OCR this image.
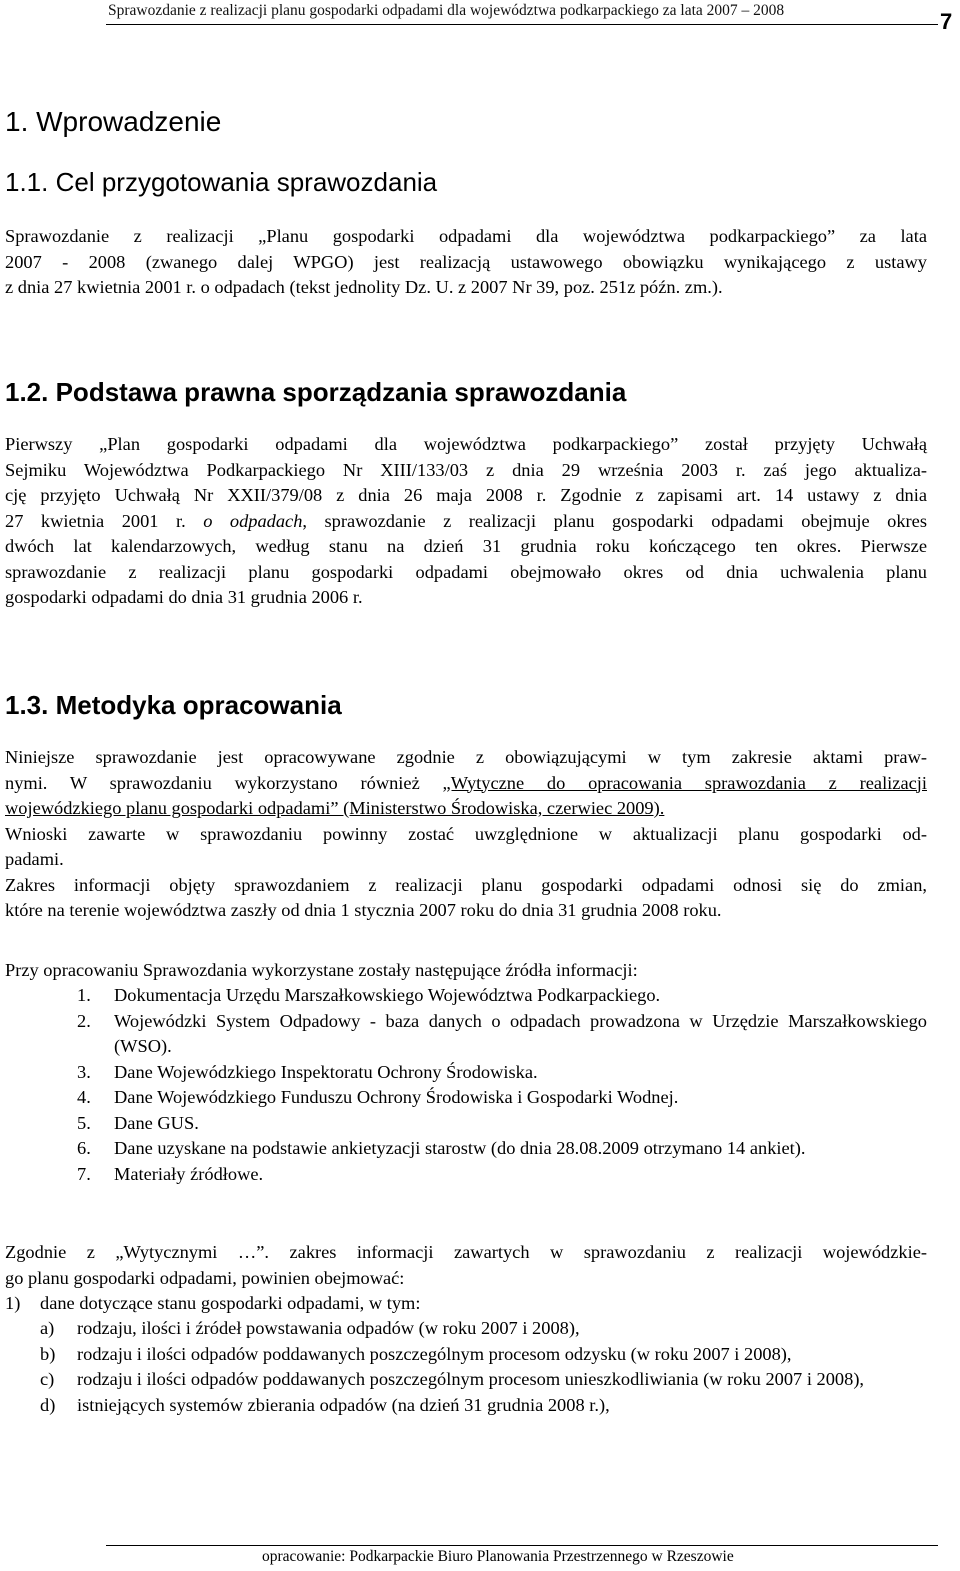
Sprawozdanie z realizacji planu gospodarki odpadami dla województwa podkarpackiego za lata 2007 – 2008	7
1. Wprowadzenie
1.1. Cel przygotowania sprawozdania
Sprawozdanie z realizacji „Planu gospodarki odpadami dla województwa podkarpackiego” za lata
2007 - 2008 (zwanego dalej WPGO) jest realizacją ustawowego obowiązku wynikającego z ustawy
z dnia 27 kwietnia 2001 r. o odpadach (tekst jednolity Dz. U. z 2007 Nr 39, poz. 251z późn. zm.).
1.2. Podstawa prawna sporządzania sprawozdania
Pierwszy „Plan gospodarki odpadami dla województwa podkarpackiego” został przyjęty Uchwałą
Sejmiku Województwa Podkarpackiego Nr XIII/133/03 z dnia 29 września 2003 r. zaś jego aktualiza-
cję przyjęto Uchwałą Nr XXII/379/08 z dnia 26 maja 2008 r. Zgodnie z zapisami art. 14 ustawy z dnia
27 kwietnia 2001 r. o odpadach, sprawozdanie z realizacji planu gospodarki odpadami obejmuje okres
dwóch lat kalendarzowych, według stanu na dzień 31 grudnia roku kończącego ten okres. Pierwsze
sprawozdanie z realizacji planu gospodarki odpadami obejmowało okres od dnia uchwalenia planu
gospodarki odpadami do dnia 31 grudnia 2006 r.
1.3. Metodyka opracowania
Niniejsze sprawozdanie jest opracowywane zgodnie z obowiązującymi w tym zakresie aktami praw-
nymi. W sprawozdaniu wykorzystano również „Wytyczne do opracowania sprawozdania z realizacji
wojewódzkiego planu gospodarki odpadami” (Ministerstwo Środowiska, czerwiec 2009).
Wnioski zawarte w sprawozdaniu powinny zostać uwzględnione w aktualizacji planu gospodarki od-
padami.
Zakres informacji objęty sprawozdaniem z realizacji planu gospodarki odpadami odnosi się do zmian,
które na terenie województwa zaszły od dnia 1 stycznia 2007 roku do dnia 31 grudnia 2008 roku.
Przy opracowaniu Sprawozdania wykorzystane zostały następujące źródła informacji:
1. Dokumentacja Urzędu Marszałkowskiego Województwa Podkarpackiego.
2. Wojewódzki System Odpadowy - baza danych o odpadach prowadzona w Urzędzie Marszałkowskiego (WSO).
3. Dane Wojewódzkiego Inspektoratu Ochrony Środowiska.
4. Dane Wojewódzkiego Funduszu Ochrony Środowiska i Gospodarki Wodnej.
5. Dane GUS.
6. Dane uzyskane na podstawie ankietyzacji starostw (do dnia 28.08.2009 otrzymano 14 ankiet).
7. Materiały źródłowe.
Zgodnie z „Wytycznymi …”. zakres informacji zawartych w sprawozdaniu z realizacji wojewódzkie-
go planu gospodarki odpadami, powinien obejmować:
1) dane dotyczące stanu gospodarki odpadami, w tym:
a) rodzaju, ilości i źródeł powstawania odpadów (w roku 2007 i 2008),
b) rodzaju i ilości odpadów poddawanych poszczególnym procesom odzysku (w roku 2007 i 2008),
c) rodzaju i ilości odpadów poddawanych poszczególnym procesom unieszkodliwiania (w roku 2007 i 2008),
d) istniejących systemów zbierania odpadów (na dzień 31 grudnia 2008 r.),
opracowanie: Podkarpackie Biuro Planowania Przestrzennego w Rzeszowie
